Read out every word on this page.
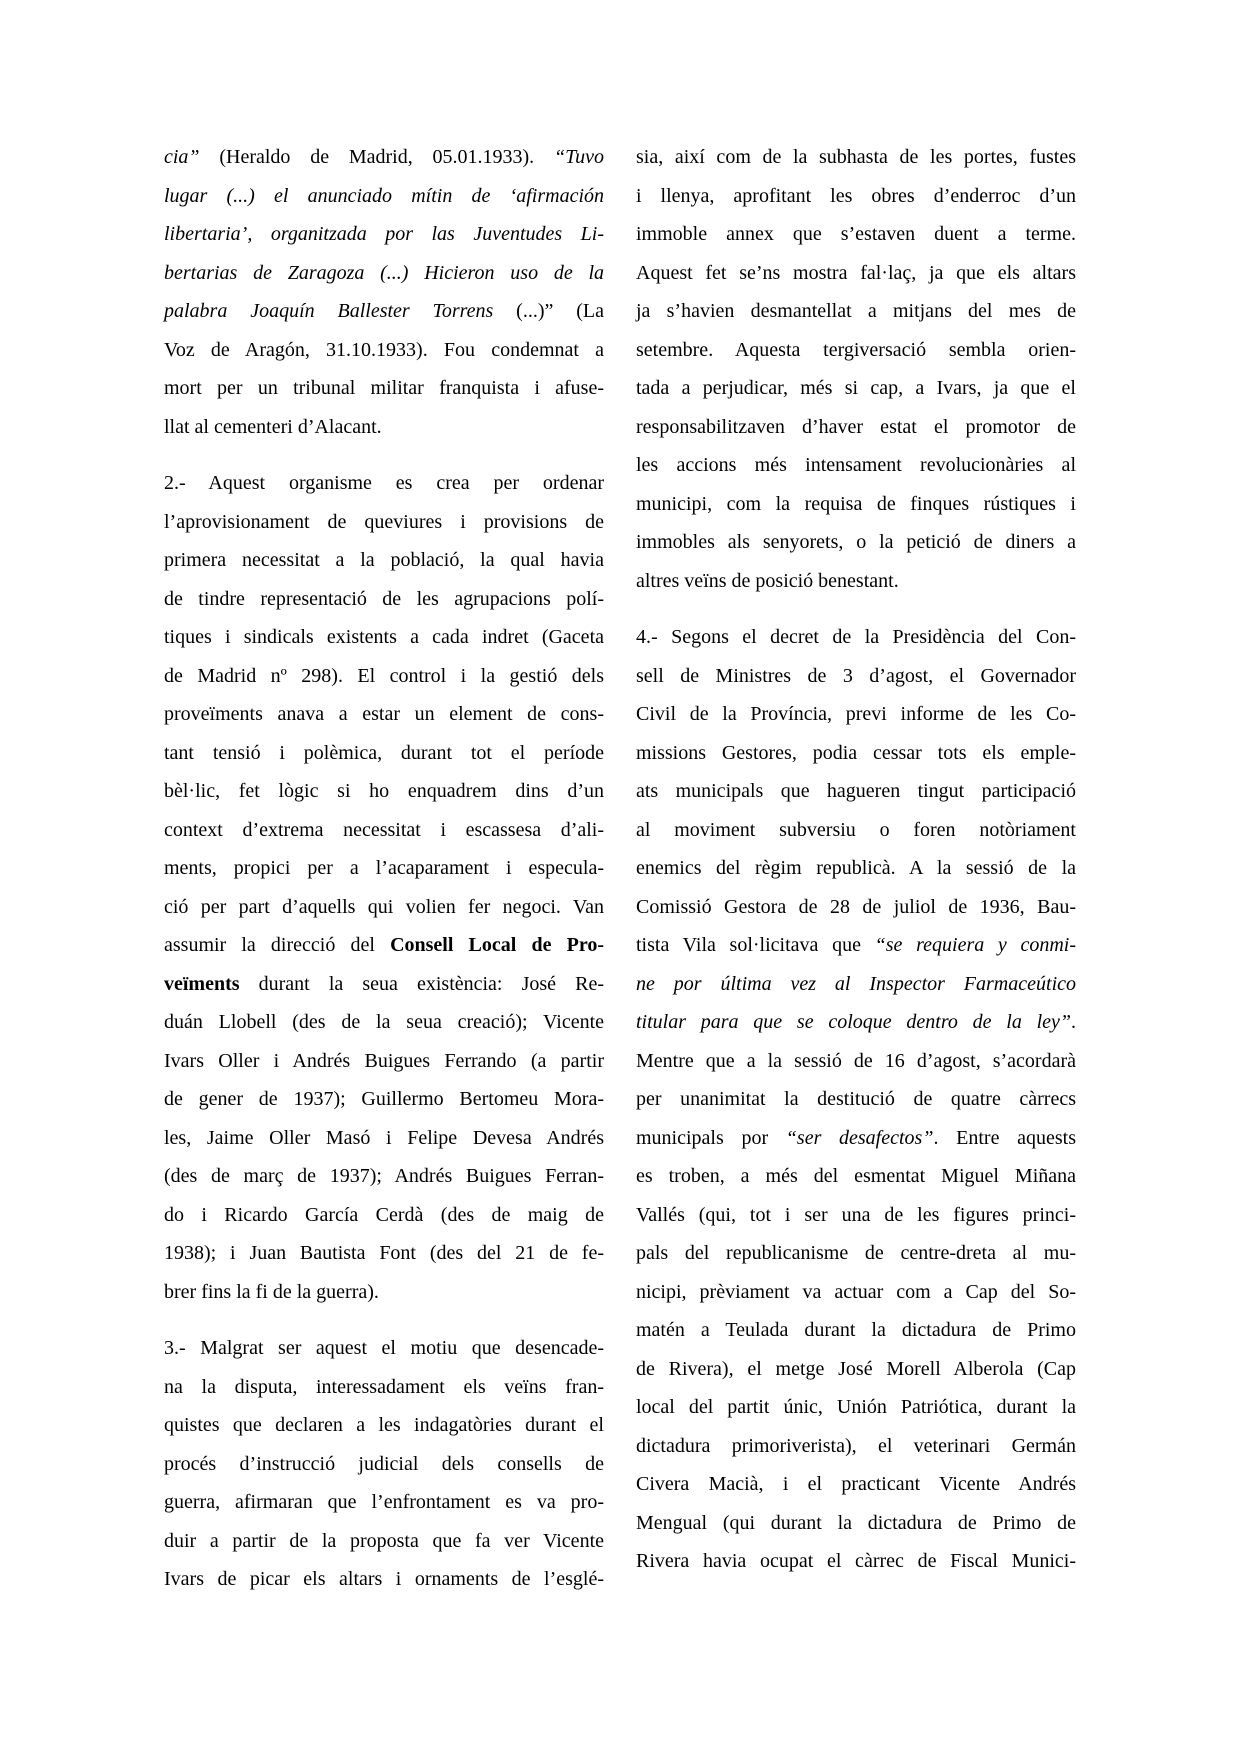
cia” (Heraldo de Madrid, 05.01.1933). “Tuvo
lugar (...) el anunciado mítin de ‘afirmación
libertaria’, organitzada por las Juventudes Li-
bertarias de Zaragoza (...) Hicieron uso de la
palabra Joaquín Ballester Torrens (...)” (La
Voz de Aragón, 31.10.1933). Fou condemnat a
mort per un tribunal militar franquista i afuse-
llat al cementeri d’Alacant.
2.- Aquest organisme es crea per ordenar
l’aprovisionament de queviures i provisions de
primera necessitat a la població, la qual havia
de tindre representació de les agrupacions polí-
tiques i sindicals existents a cada indret (Gaceta
de Madrid nº 298). El control i la gestió dels
proveïments anava a estar un element de cons-
tant tensió i polèmica, durant tot el període
bèl·lic, fet lògic si ho enquadrem dins d’un
context d’extrema necessitat i escassesa d’ali-
ments, propici per a l’acaparament i especula-
ció per part d’aquells qui volien fer negoci. Van
assumir la direcció del Consell Local de Pro-
veïments durant la seua existència: José Re-
duán Llobell (des de la seua creació); Vicente
Ivars Oller i Andrés Buigues Ferrando (a partir
de gener de 1937); Guillermo Bertomeu Mora-
les, Jaime Oller Masó i Felipe Devesa Andrés
(des de març de 1937); Andrés Buigues Ferran-
do i Ricardo García Cerdà (des de maig de
1938); i Juan Bautista Font (des del 21 de fe-
brer fins la fi de la guerra).
3.- Malgrat ser aquest el motiu que desencade-
na la disputa, interessadament els veïns fran-
quistes que declaren a les indagatòries durant el
procés d’instrucció judicial dels consells de
guerra, afirmaran que l’enfrontament es va pro-
duir a partir de la proposta que fa ver Vicente
Ivars de picar els altars i ornaments de l’esglé-
sia, així com de la subhasta de les portes, fustes
i llenya, aprofitant les obres d’enderroc d’un
immoble annex que s’estaven duent a terme.
Aquest fet se’ns mostra fal·laç, ja que els altars
ja s’havien desmantellat a mitjans del mes de
setembre. Aquesta tergiversació sembla orien-
tada a perjudicar, més si cap, a Ivars, ja que el
responsabilitzaven d’haver estat el promotor de
les accions més intensament revolucionàries al
municipi, com la requisa de finques rústiques i
immobles als senyorets, o la petició de diners a
altres veïns de posició benestant.
4.- Segons el decret de la Presidència del Con-
sell de Ministres de 3 d’agost, el Governador
Civil de la Província, previ informe de les Co-
missions Gestores, podia cessar tots els emple-
ats municipals que hagueren tingut participació
al moviment subversiu o foren notòriament
enemics del règim republicà. A la sessió de la
Comissió Gestora de 28 de juliol de 1936, Bau-
tista Vila sol·licitava que “se requiera y conmi-
ne por última vez al Inspector Farmaceútico
titular para que se coloque dentro de la ley”.
Mentre que a la sessió de 16 d’agost, s’acordarà
per unanimitat la destitució de quatre càrrecs
municipals por “ser desafectos”. Entre aquests
es troben, a més del esmentat Miguel Miñana
Vallés (qui, tot i ser una de les figures princi-
pals del republicanisme de centre-dreta al mu-
nicipi, prèviament va actuar com a Cap del So-
matén a Teulada durant la dictadura de Primo
de Rivera), el metge José Morell Alberola (Cap
local del partit únic, Unión Patriótica, durant la
dictadura primoriverista), el veterinari Germán
Civera Macià, i el practicant Vicente Andrés
Mengual (qui durant la dictadura de Primo de
Rivera havia ocupat el càrrec de Fiscal Munici-
